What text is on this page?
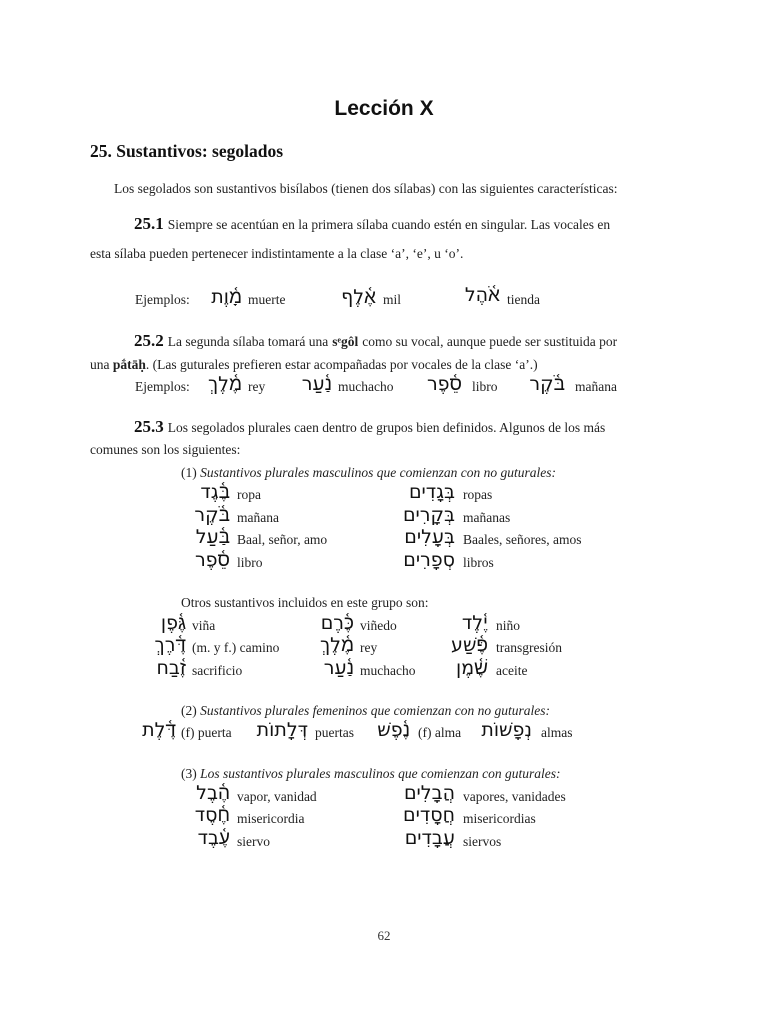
Lección X
25. Sustantivos: segolados
Los segolados son sustantivos bisílabos (tienen dos sílabas) con las siguientes características:
25.1 Siempre se acentúan en la primera sílaba cuando estén en singular. Las vocales en
esta sílaba pueden pertenecer indistintamente a la clase ‘a’, ‘e’, u ‘o’.
Ejemplos: מָ֫וֶת muerte	אֶ֫לֶף mil	אֹ֫הֶל tienda
25.2 La segunda sílaba tomará una sᵉgôl como su vocal, aunque puede ser sustituida por
una pắtāḥ. (Las guturales prefieren estar acompañadas por vocales de la clase ‘a’.)
Ejemplos: מֶ֫לֶךְ rey	נַ֫עַר muchacho	סֵ֫פֶר libro	בֹּ֫קֶר mañana
25.3 Los segolados plurales caen dentro de grupos bien definidos. Algunos de los más
comunes son los siguientes:
(1) Sustantivos plurales masculinos que comienzan con no guturales:
בֶּ֫גֶד ropa	בְּגָדִים ropas
בֹּ֫קֶר mañana	בְּקָרִים mañanas
בַּ֫עַל Baal, señor, amo	בְּעָלִים Baales, señores, amos
סֵ֫פֶר libro	סְפָרִים libros
Otros sustantivos incluidos en este grupo son:
גֶּ֫פֶן viña	כֶּ֫רֶם viñedo	יֶ֫לֶד niño
דֶּ֫רֶךְ (m. y f.) camino	מֶ֫לֶךְ rey	פֶּ֫שַׁע transgresión
זֶ֫בַח sacrificio	נַ֫עַר muchacho	שֶׁ֫מֶן aceite
(2) Sustantivos plurales femeninos que comienzan con no guturales:
דֶּ֫לֶת (f) puerta	דְּלָתוֹת puertas	נֶ֫פֶשׁ (f) alma	נְפָשׁוֹת almas
(3) Los sustantivos plurales masculinos que comienzan con guturales:
הֶ֫בֶל vapor, vanidad	הֲבָלִים vapores, vanidades
חֶ֫סֶד misericordia	חֲסָדִים misericordias
עֶ֫בֶד siervo	עֲבָדִים siervos
62
